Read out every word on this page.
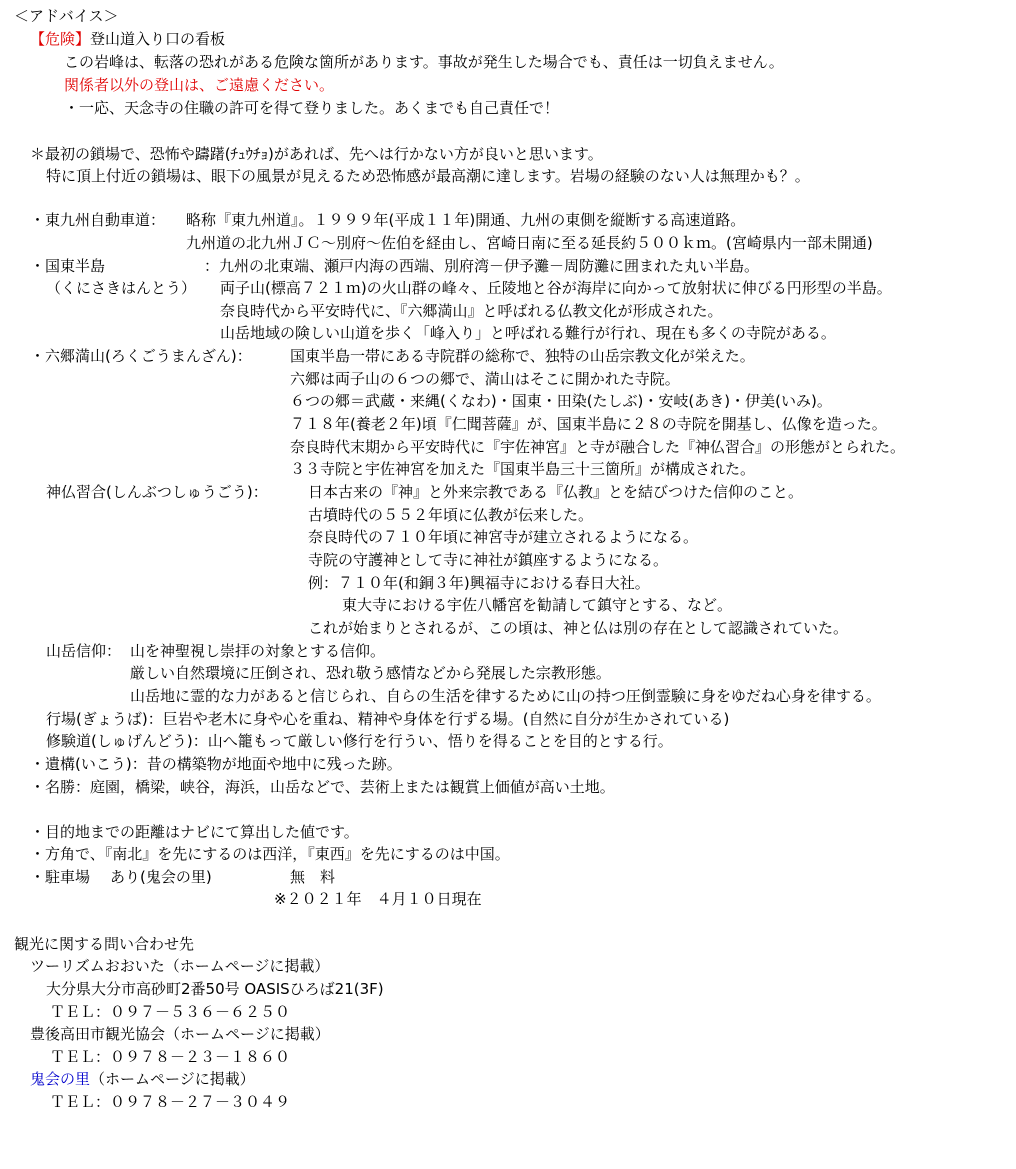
＜アドバイス＞
【危険】登山道入り口の看板
この岩峰は、転落の恐れがある危険な箇所があります。事故が発生した場合でも、責任は一切負えません。
関係者以外の登山は、ご遠慮ください。
・一応、天念寺の住職の許可を得て登りました。あくまでも自己責任で！
＊最初の鎖場で、恐怖や躊躇(ﾁｭｳﾁｮ)があれば、先へは行かない方が良いと思います。
特に頂上付近の鎖場は、眼下の風景が見えるため恐怖感が最高潮に達します。岩場の経験のない人は無理かも？。
・東九州自動車道： 略称『東九州道』。１９９９年(平成１１年)開通、九州の東側を縦断する高速道路。
九州道の北九州ＪＣ～別府～佐伯を経由し、宮崎日南に至る延長約５００ｋｍ。(宮崎県内一部未開通)
・国東半島	：九州の北東端、瀬戸内海の西端、別府湾－伊予灘－周防灘に囲まれた丸い半島。
（くにさきはんとう） 両子山(標高７２１ｍ)の火山群の峰々、丘陵地と谷が海岸に向かって放射状に伸びる円形型の半島。
奈良時代から平安時代に、『六郷満山』と呼ばれる仏教文化が形成された。
山岳地域の険しい山道を歩く「峰入り」と呼ばれる難行が行れ、現在も多くの寺院がある。
・六郷満山(ろくごうまんざん)：	国東半島一帯にある寺院群の総称で、独特の山岳宗教文化が栄えた。
六郷は両子山の６つの郷で、満山はそこに開かれた寺院。
６つの郷＝武蔵・来縄(くなわ)・国東・田染(たしぶ)・安岐(あき)・伊美(いみ)。
７１８年(養老２年)頃『仁聞菩薩』が、国東半島に２８の寺院を開基し、仏像を造った。
奈良時代末期から平安時代に『宇佐神宮』と寺が融合した『神仏習合』の形態がとられた。
３３寺院と宇佐神宮を加えた『国東半島三十三箇所』が構成された。
神仏習合(しんぶつしゅうごう)：	日本古来の『神』と外来宗教である『仏教』とを結びつけた信仰のこと。
古墳時代の５５２年頃に仏教が伝来した。
奈良時代の７１０年頃に神宮寺が建立されるようになる。
寺院の守護神として寺に神社が鎮座するようになる。
例：７１０年(和銅３年)興福寺における春日大社。
東大寺における宇佐八幡宮を勧請して鎮守とする、など。
これが始まりとされるが、この頃は、神と仏は別の存在として認識されていた。
山岳信仰： 山を神聖視し崇拝の対象とする信仰。
厳しい自然環境に圧倒され、恐れ敬う感情などから発展した宗教形態。
山岳地に霊的な力があると信じられ、自らの生活を律するために山の持つ圧倒霊験に身をゆだね心身を律する。
行場(ぎょうば)：巨岩や老木に身や心を重ね、精神や身体を行ずる場。(自然に自分が生かされている)
修験道(しゅげんどう)：山へ籠もって厳しい修行を行うい、悟りを得ることを目的とする行。
・遺構(いこう)：昔の構築物が地面や地中に残った跡。
・名勝：庭園，橋梁，峡谷，海浜，山岳などで、芸術上または観賞上価値が高い土地。
・目的地までの距離はナビにて算出した値です。
・方角で、『南北』を先にするのは西洋，『東西』を先にするのは中国。
・駐車場 あり(鬼会の里)	無　料
※２０２１年　４月１０日現在
観光に関する問い合わせ先
ツーリズムおおいた（ホームページに掲載）
大分県大分市高砂町2番50号 OASISひろば21(3F)
ＴＥＬ：０９７－５３６－６２５０
豊後高田市観光協会（ホームページに掲載）
ＴＥＬ：０９７８－２３－１８６０
鬼会の里（ホームページに掲載）
ＴＥＬ：０９７８－２７－３０４９
